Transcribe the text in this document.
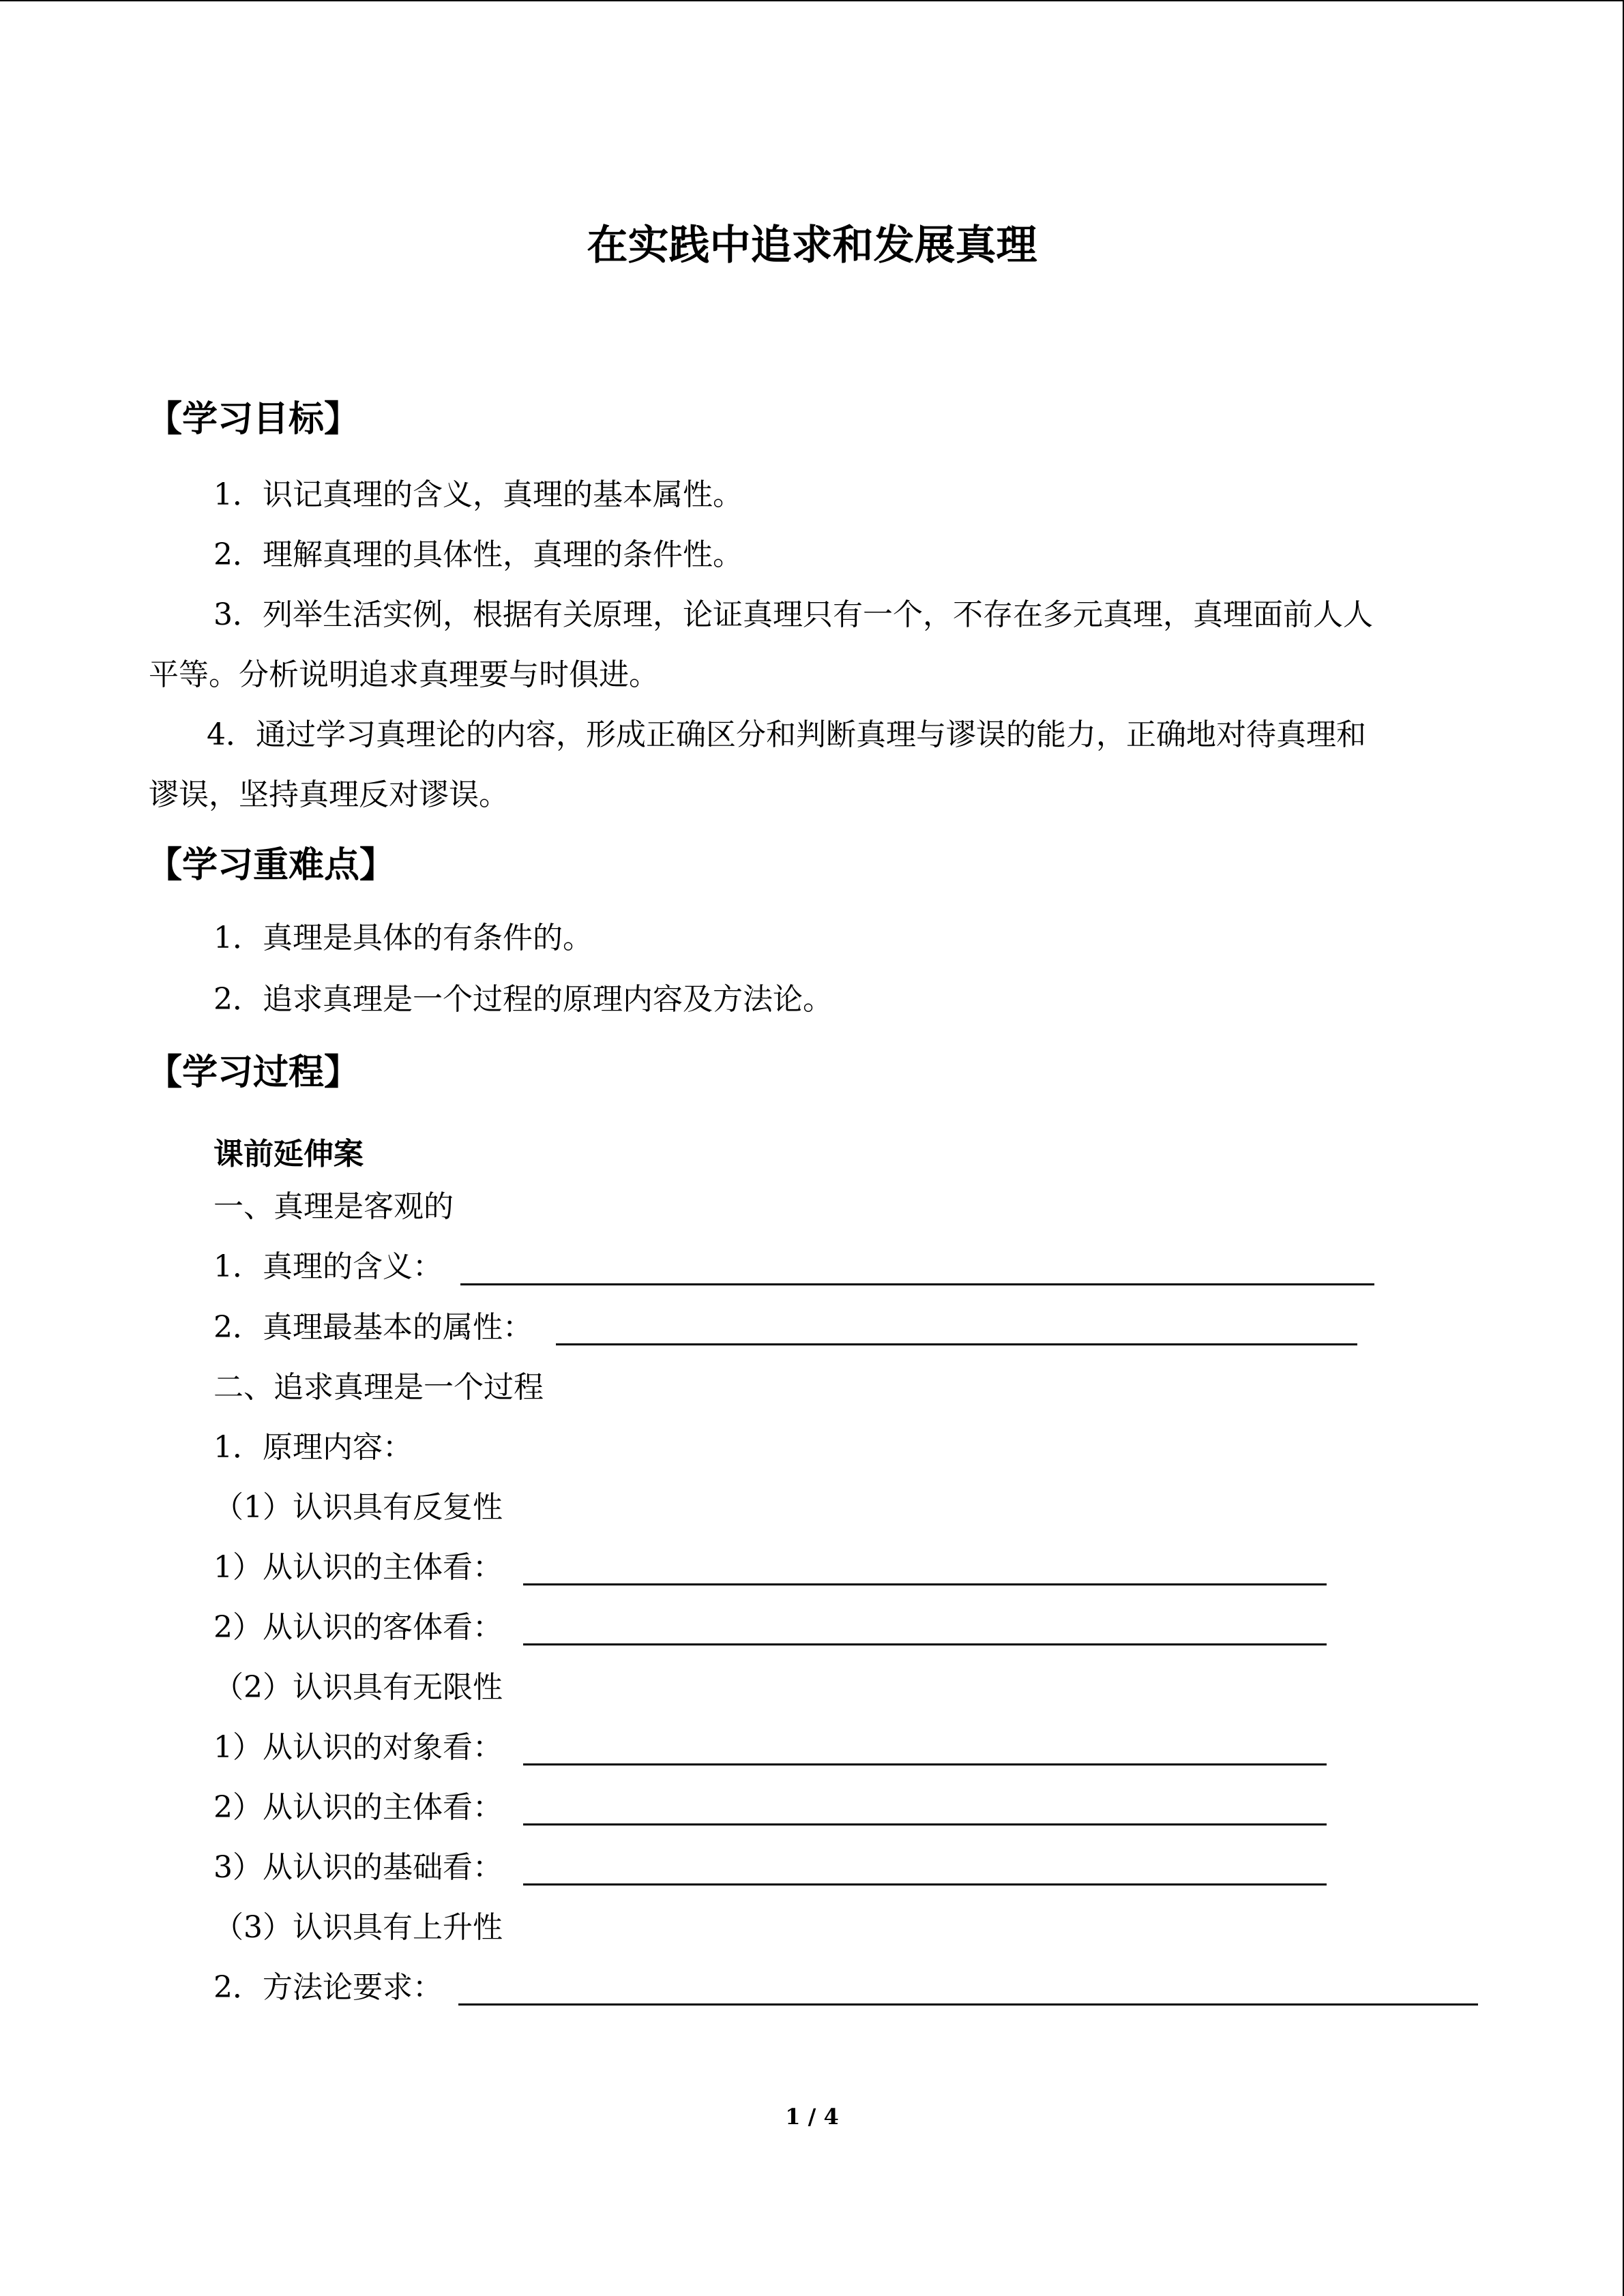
在实践中追求和发展真理
【学习目标】
1．识记真理的含义，真理的基本属性。
2．理解真理的具体性，真理的条件性。
3．列举生活实例，根据有关原理，论证真理只有一个，不存在多元真理，真理面前人人
平等。分析说明追求真理要与时俱进。
4．通过学习真理论的内容，形成正确区分和判断真理与谬误的能力，正确地对待真理和
谬误，坚持真理反对谬误。
【学习重难点】
1．真理是具体的有条件的。
2．追求真理是一个过程的原理内容及方法论。
【学习过程】
课前延伸案
一、真理是客观的
1．真理的含义：
2．真理最基本的属性：
二、追求真理是一个过程
1．原理内容：
（1）认识具有反复性
1）从认识的主体看：
2）从认识的客体看：
（2）认识具有无限性
1）从认识的对象看：
2）从认识的主体看：
3）从认识的基础看：
（3）认识具有上升性
2．方法论要求：
1 / 4
